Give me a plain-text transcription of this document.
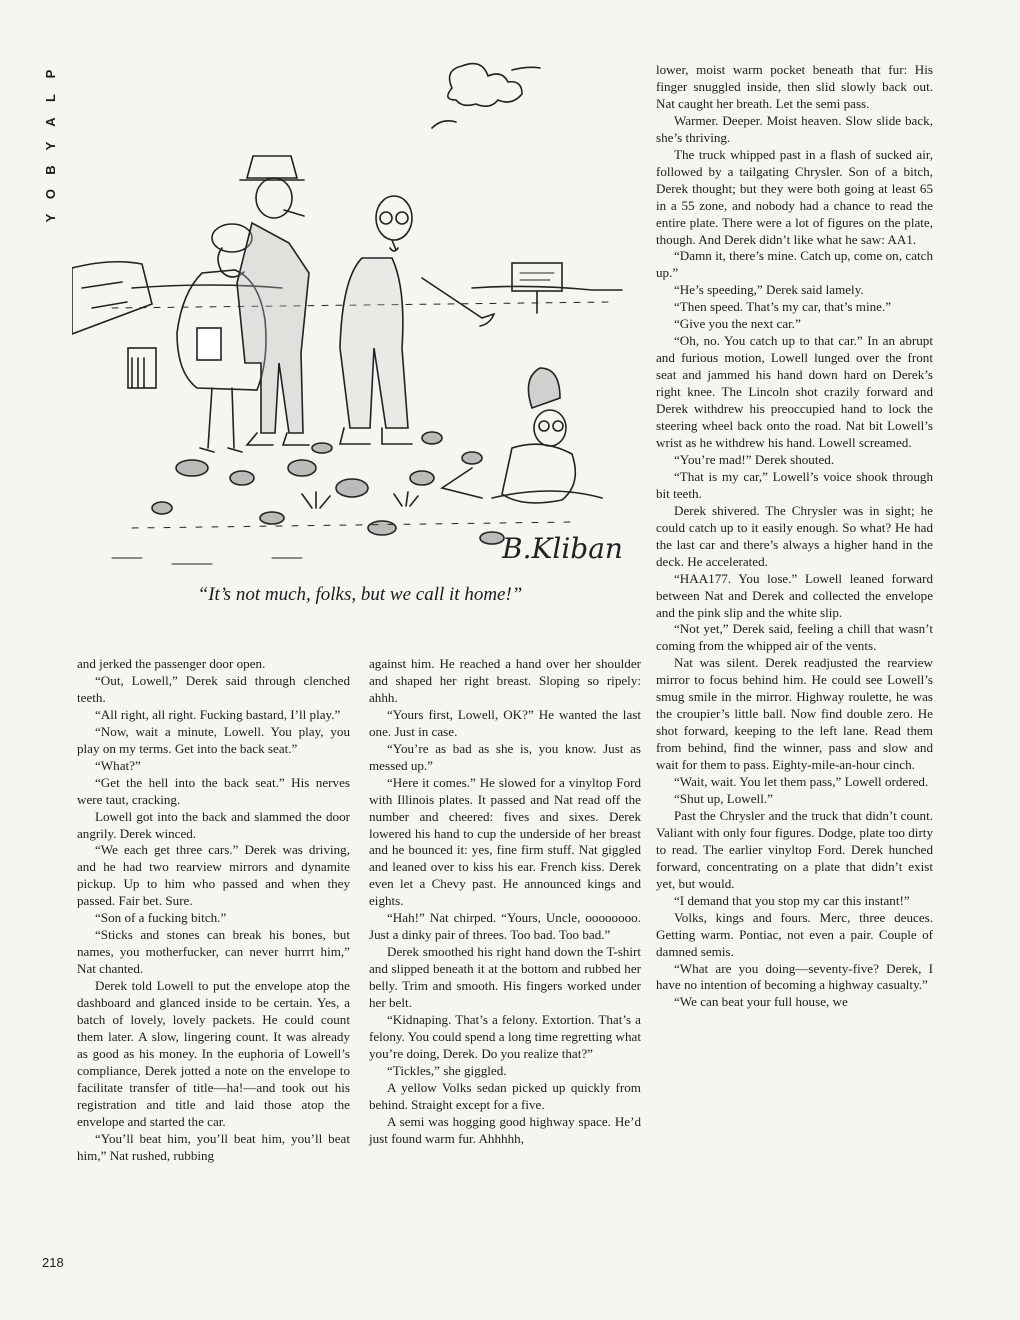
P
L
A
Y
B
O
Y
B.Kliban
“It’s not much, folks, but we call it home!”

and jerked the passenger door open.

“Out, Lowell,” Derek said through clenched teeth.

“All right, all right. Fucking bastard, I’ll play.”

“Now, wait a minute, Lowell. You play, you play on my terms. Get into the back seat.”

“What?”

“Get the hell into the back seat.” His nerves were taut, cracking.

Lowell got into the back and slammed the door angrily. Derek winced.

“We each get three cars.” Derek was driving, and he had two rearview mirrors and dynamite pickup. Up to him who passed and when they passed. Fair bet. Sure.

“Son of a fucking bitch.”

“Sticks and stones can break his bones, but names, you motherfucker, can never hurrrt him,” Nat chanted.

Derek told Lowell to put the envelope atop the dashboard and glanced inside to be certain. Yes, a batch of lovely, lovely packets. He could count them later. A slow, lingering count. It was already as good as his money. In the euphoria of Lowell’s compliance, Derek jotted a note on the envelope to facilitate transfer of title—ha!—and took out his registration and title and laid those atop the envelope and started the car.

“You’ll beat him, you’ll beat him, you’ll beat him,” Nat rushed, rubbing

against him. He reached a hand over her shoulder and shaped her right breast. Sloping so ripely: ahhh.

“Yours first, Lowell, OK?” He wanted the last one. Just in case.

“You’re as bad as she is, you know. Just as messed up.”

“Here it comes.” He slowed for a vinyltop Ford with Illinois plates. It passed and Nat read off the number and cheered: fives and sixes. Derek lowered his hand to cup the underside of her breast and he bounced it: yes, fine firm stuff. Nat giggled and leaned over to kiss his ear. French kiss. Derek even let a Chevy past. He announced kings and eights.

“Hah!” Nat chirped. “Yours, Uncle, oooooooo. Just a dinky pair of threes. Too bad. Too bad.”

Derek smoothed his right hand down the T-shirt and slipped beneath it at the bottom and rubbed her belly. Trim and smooth. His fingers worked under her belt.

“Kidnaping. That’s a felony. Extortion. That’s a felony. You could spend a long time regretting what you’re doing, Derek. Do you realize that?”

“Tickles,” she giggled.

A yellow Volks sedan picked up quickly from behind. Straight except for a five.

A semi was hogging good highway space. He’d just found warm fur. Ahhhhh,

lower, moist warm pocket beneath that fur: His finger snuggled inside, then slid slowly back out. Nat caught her breath. Let the semi pass.

Warmer. Deeper. Moist heaven. Slow slide back, she’s thriving.

The truck whipped past in a flash of sucked air, followed by a tailgating Chrysler. Son of a bitch, Derek thought; but they were both going at least 65 in a 55 zone, and nobody had a chance to read the entire plate. There were a lot of figures on the plate, though. And Derek didn’t like what he saw: AA1.

“Damn it, there’s mine. Catch up, come on, catch up.”

“He’s speeding,” Derek said lamely.

“Then speed. That’s my car, that’s mine.”

“Give you the next car.”

“Oh, no. You catch up to that car.” In an abrupt and furious motion, Lowell lunged over the front seat and jammed his hand down hard on Derek’s right knee. The Lincoln shot crazily forward and Derek withdrew his preoccupied hand to lock the steering wheel back onto the road. Nat bit Lowell’s wrist as he withdrew his hand. Lowell screamed.

“You’re mad!” Derek shouted.

“That is my car,” Lowell’s voice shook through bit teeth.

Derek shivered. The Chrysler was in sight; he could catch up to it easily enough. So what? He had the last car and there’s always a higher hand in the deck. He accelerated.

“HAA177. You lose.” Lowell leaned forward between Nat and Derek and collected the envelope and the pink slip and the white slip.

“Not yet,” Derek said, feeling a chill that wasn’t coming from the whipped air of the vents.

Nat was silent. Derek readjusted the rearview mirror to focus behind him. He could see Lowell’s smug smile in the mirror. Highway roulette, he was the croupier’s little ball. Now find double zero. He shot forward, keeping to the left lane. Read them from behind, find the winner, pass and slow and wait for them to pass. Eighty-mile-an-hour cinch.

“Wait, wait. You let them pass,” Lowell ordered.

“Shut up, Lowell.”

Past the Chrysler and the truck that didn’t count. Valiant with only four figures. Dodge, plate too dirty to read. The earlier vinyltop Ford. Derek hunched forward, concentrating on a plate that didn’t exist yet, but would.

“I demand that you stop my car this instant!”

Volks, kings and fours. Merc, three deuces. Getting warm. Pontiac, not even a pair. Couple of damned semis.

“What are you doing—seventy-five? Derek, I have no intention of becoming a highway casualty.”

“We can beat your full house, we

218
